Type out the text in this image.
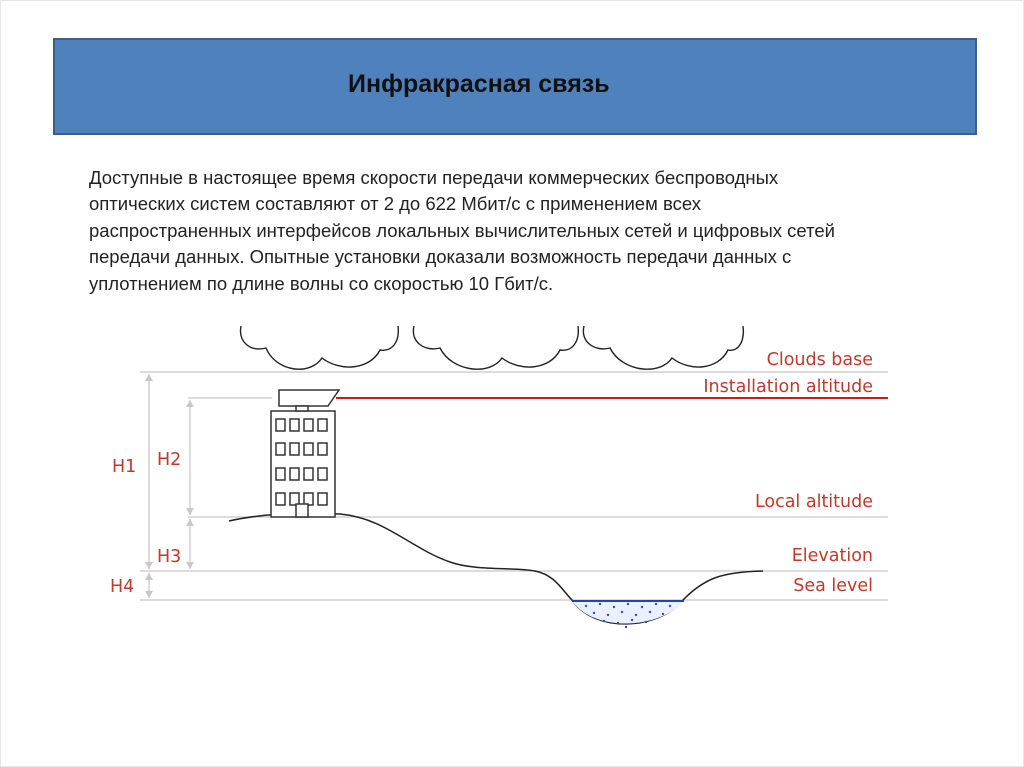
Инфракрасная связь
Доступные в настоящее время скорости передачи коммерческих беспроводных
оптических систем составляют от 2 до 622 Мбит/с с применением всех
распространенных интерфейсов локальных вычислительных сетей и цифровых сетей
передачи данных. Опытные установки доказали возможность передачи данных с
уплотнением по длине волны со скоростью 10 Гбит/с.
H1 H2
H3
H4
Clouds base
Installation altitude
Local altitude
Elevation
Sea level
